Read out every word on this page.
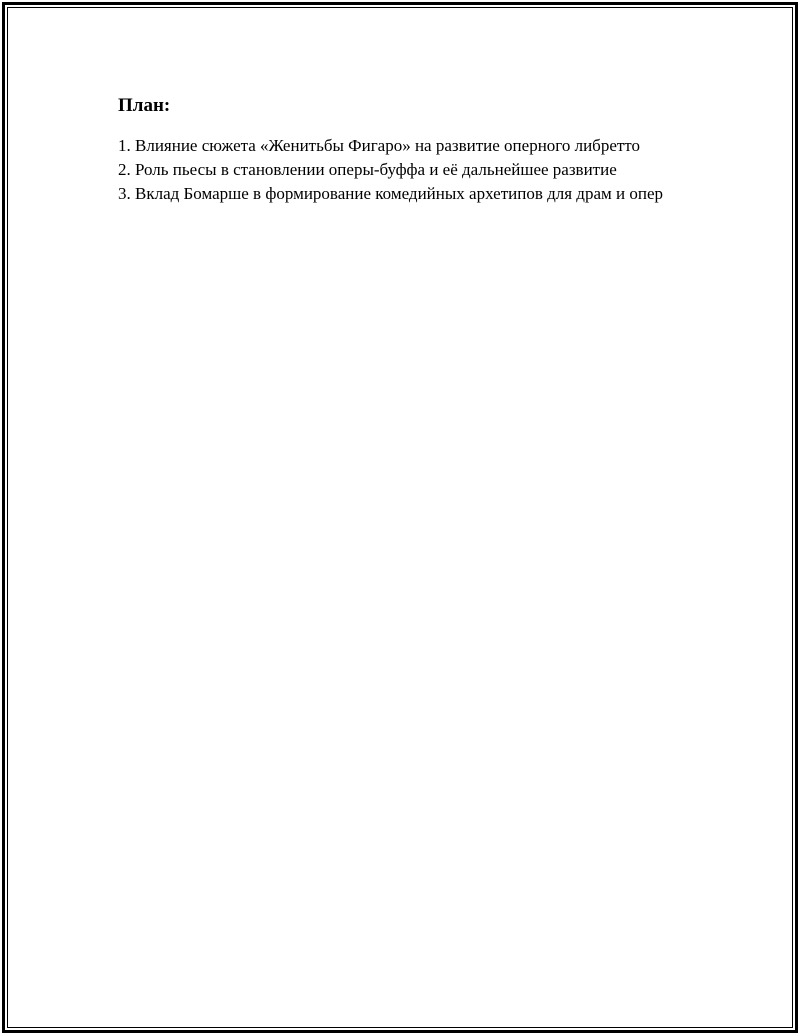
План:
1. Влияние сюжета «Женитьбы Фигаро» на развитие оперного либретто
2. Роль пьесы в становлении оперы-буффа и её дальнейшее развитие
3. Вклад Бомарше в формирование комедийных архетипов для драм и опер
